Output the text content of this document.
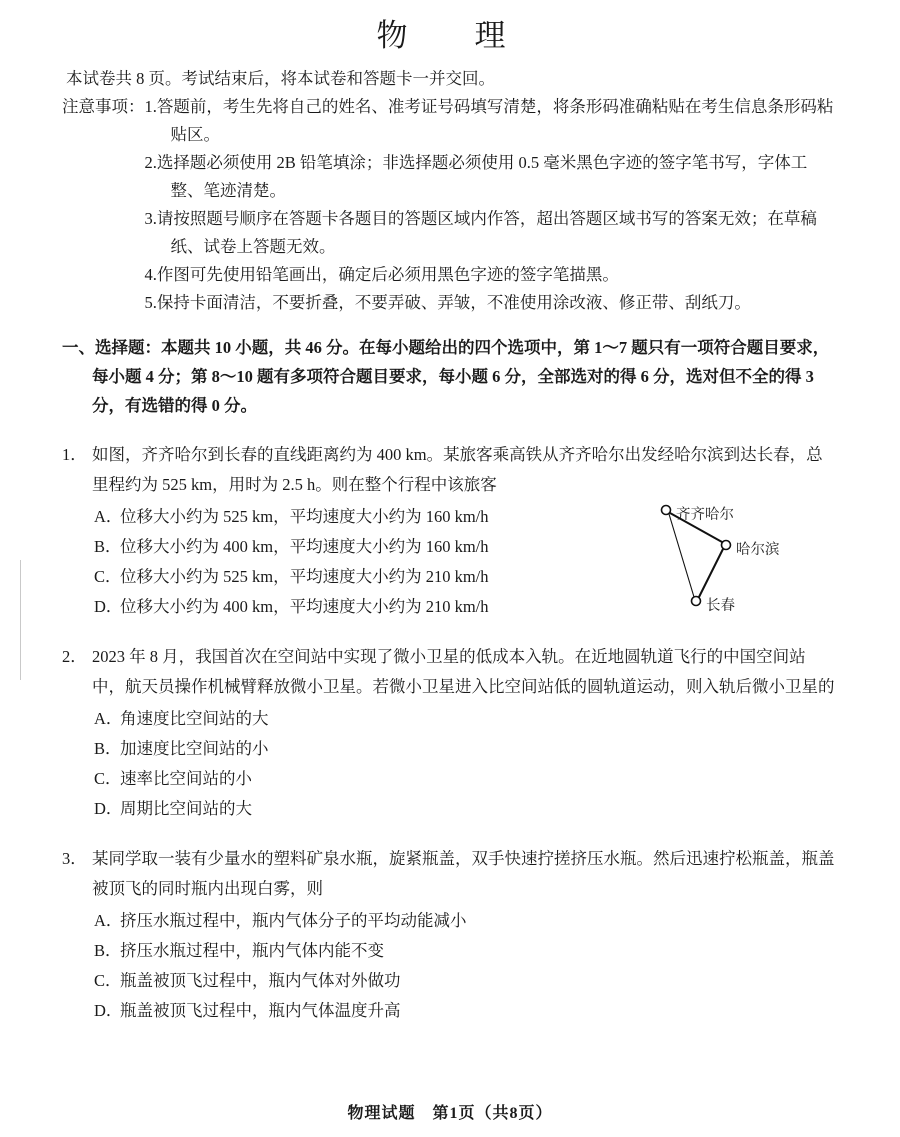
物　理
本试卷共 8 页。考试结束后，将本试卷和答题卡一并交回。
注意事项： 1.答题前，考生先将自己的姓名、准考证号码填写清楚，将条形码准确粘贴在考生信息条形码粘贴区。
2.选择题必须使用 2B 铅笔填涂；非选择题必须使用 0.5 毫米黑色字迹的签字笔书写，字体工整、笔迹清楚。
3.请按照题号顺序在答题卡各题目的答题区域内作答，超出答题区域书写的答案无效；在草稿纸、试卷上答题无效。
4.作图可先使用铅笔画出，确定后必须用黑色字迹的签字笔描黑。
5.保持卡面清洁，不要折叠，不要弄破、弄皱，不准使用涂改液、修正带、刮纸刀。
一、选择题：本题共 10 小题，共 46 分。在每小题给出的四个选项中，第 1～7 题只有一项符合题目要求，每小题 4 分；第 8～10 题有多项符合题目要求，每小题 6 分，全部选对的得 6 分，选对但不全的得 3 分，有选错的得 0 分。
1． 如图，齐齐哈尔到长春的直线距离约为 400 km。某旅客乘高铁从齐齐哈尔出发经哈尔滨到达长春，总里程约为 525 km，用时为 2.5 h。则在整个行程中该旅客
A．位移大小约为 525 km，平均速度大小约为 160 km/h
B．位移大小约为 400 km，平均速度大小约为 160 km/h
C．位移大小约为 525 km，平均速度大小约为 210 km/h
D．位移大小约为 400 km，平均速度大小约为 210 km/h
齐齐哈尔
哈尔滨
长春
2． 2023 年 8 月，我国首次在空间站中实现了微小卫星的低成本入轨。在近地圆轨道飞行的中国空间站中，航天员操作机械臂释放微小卫星。若微小卫星进入比空间站低的圆轨道运动，则入轨后微小卫星的
A．角速度比空间站的大
B．加速度比空间站的小
C．速率比空间站的小
D．周期比空间站的大
3． 某同学取一装有少量水的塑料矿泉水瓶，旋紧瓶盖，双手快速拧搓挤压水瓶。然后迅速拧松瓶盖，瓶盖被顶飞的同时瓶内出现白雾，则
A．挤压水瓶过程中，瓶内气体分子的平均动能减小
B．挤压水瓶过程中，瓶内气体内能不变
C．瓶盖被顶飞过程中，瓶内气体对外做功
D．瓶盖被顶飞过程中，瓶内气体温度升高
物理试题　第1页（共8页）
